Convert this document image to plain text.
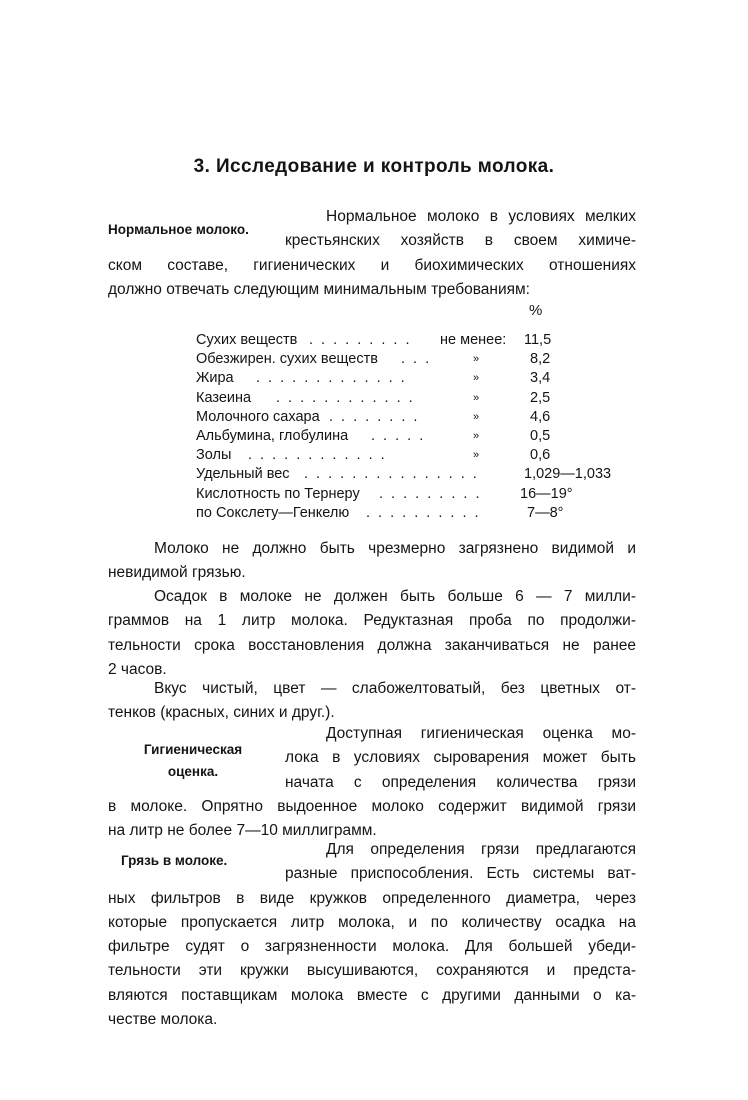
3. Исследование и контроль молока.
Нормальное молоко.
Нормальное молоко в условиях мелких
крестьянских хозяйств в своем химиче-
ском составе, гигиенических и биохимических отношениях
должно отвечать следующим минимальным требованиям:
%
Сухих веществ . . . . . . . . . не менее: 11,5
Обезжирен. сухих веществ . . .	»	8,2
Жира . . . . . . . . . . . . .	»	3,4
Казеина . . . . . . . . . . . .	»	2,5
Молочного сахара . . . . . . . .	»	4,6
Альбумина, глобулина . . . . .	»	0,5
Золы . . . . . . . . . . . .	»	0,6
Удельный вес . . . . . . . . . . . . . . .	1,029—1,033
Кислотность по Тернеру . . . . . . . . .	16—19°
по Сокслету—Генкелю . . . . . . . . . .	7—8°
Молоко не должно быть чрезмерно загрязнено видимой и
невидимой грязью.
Осадок в молоке не должен быть больше 6 — 7 милли-
граммов на 1 литр молока. Редуктазная проба по продолжи-
тельности срока восстановления должна заканчиваться не ранее
2 часов.
Вкус чистый, цвет — слабожелтоватый, без цветных от-
тенков (красных, синих и друг.).
Гигиеническая
оценка.
Доступная гигиеническая оценка мо-
лока в условиях сыроварения может быть
начата с определения количества грязи
в молоке. Опрятно выдоенное молоко содержит видимой грязи
на литр не более 7—10 миллиграмм.
Грязь в молоке.
Для определения грязи предлагаются
разные приспособления. Есть системы ват-
ных фильтров в виде кружков определенного диаметра, через
которые пропускается литр молока, и по количеству осадка на
фильтре судят о загрязненности молока. Для большей убеди-
тельности эти кружки высушиваются, сохраняются и предста-
вляются поставщикам молока вместе с другими данными о ка-
честве молока.
